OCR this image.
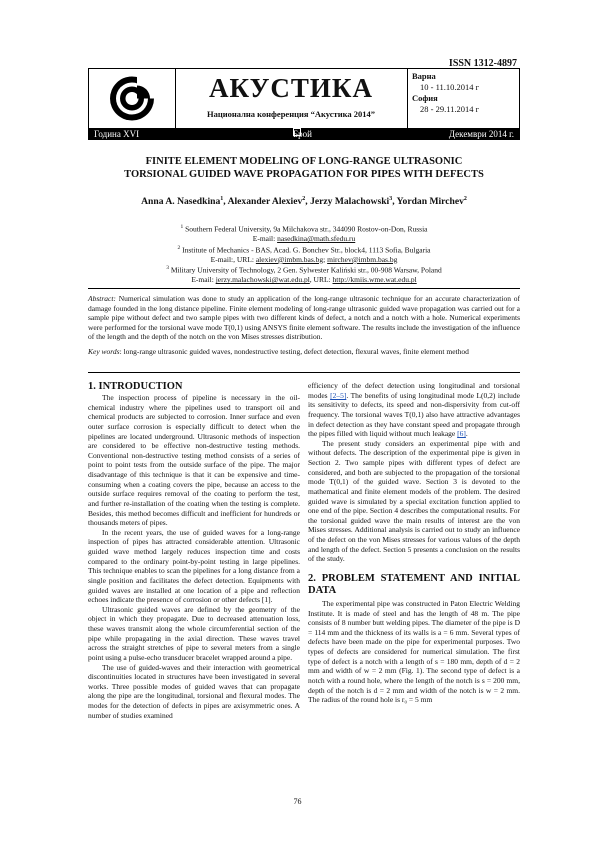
ISSN 1312-4897
АКУСТИКА
Национална конференция “Акустика 2014”
Варна
10 - 11.10.2014 г
София
28 - 29.11.2014 г
Година XVI	Брой 16
Декември 2014 г.
FINITE ELEMENT MODELING OF LONG-RANGE ULTRASONIC
TORSIONAL GUIDED WAVE PROPAGATION FOR PIPES WITH DEFECTS
Anna A. Nasedkina$^1$, Alexander Alexiev$^2$, Jerzy Malachowski$^3$, Yordan Mirchev$^2$
$^1$ Southern Federal University, 9a Milchakova str., 344090 Rostov-on-Don, Russia
E-mail: nasedkina@math.sfedu.ru
$^2$ Institute of Mechanics - BAS, Acad. G. Bonchev Str., block4, 1113 Sofia, Bulgaria
E-mail:, URL: alexiev@imbm.bas.bg; mirchev@imbm.bas.bg
$^3$ Military University of Technology, 2 Gen. Sylwester Kaliński str., 00-908 Warsaw, Poland
E-mail: jerzy.malachowski@wat.edu.pl, URL: http://kmiis.wme.wat.edu.pl
Abstract: Numerical simulation was done to study an application of the long-range ultrasonic technique for an accurate characterization of damage founded in the long distance pipeline. Finite element modeling of long-range ultrasonic guided wave propagation was carried out for a sample pipe without defect and two sample pipes with two different kinds of defect, a notch and a notch with a hole. Numerical experiments were performed for the torsional wave mode T(0,1) using ANSYS finite element software. The results include the investigation of the influence of the length and the depth of the notch on the von Mises stresses distribution.
Key words: long-range ultrasonic guided waves, nondestructive testing, defect detection, flexural waves, finite element method
1. INTRODUCTION

The inspection process of pipeline is necessary in the oil-chemical industry where the pipelines used to transport oil and chemical products are subjected to corrosion. Inner surface and even outer surface corrosion is especially difficult to detect when the pipelines are located underground. Ultrasonic methods of inspection are considered to be effective non-destructive testing methods. Conventional non-destructive testing method consists of a series of point to point tests from the outside surface of the pipe. The major disadvantage of this technique is that it can be expensive and time-consuming when a coating covers the pipe, because an access to the outside surface requires removal of the coating to perform the test, and further re-installation of the coating when the testing is complete. Besides, this method becomes difficult and inefficient for hundreds or thousands meters of pipes.

In the recent years, the use of guided waves for a long-range inspection of pipes has attracted considerable attention. Ultrasonic guided wave method largely reduces inspection time and costs compared to the ordinary point-by-point testing in large pipelines. This technique enables to scan the pipelines for a long distance from a single position and facilitates the defect detection. Equipments with guided waves are installed at one location of a pipe and reflection echoes indicate the presence of corrosion or other defects [1].

Ultrasonic guided waves are defined by the geometry of the object in which they propagate. Due to decreased attenuation loss, these waves transmit along the whole circumferential section of the pipe while propagating in the axial direction. These waves travel across the straight stretches of pipe to several meters from a single point using a pulse-echo transducer bracelet wrapped around a pipe.

The use of guided-waves and their interaction with geometrical discontinuities located in structures have been investigated in several works. Three possible modes of guided waves that can propagate along the pipe are the longitudinal, torsional and flexural modes. The modes for the detection of defects in pipes are axisymmetric ones. A number of studies examined

efficiency of the defect detection using longitudinal and torsional modes [2–5]. The benefits of using longitudinal mode L(0,2) include its sensitivity to defects, its speed and non-dispersivity from cut-off frequency. The torsional waves T(0,1) also have attractive advantages in defect detection as they have constant speed and propagate through the pipes filled with liquid without much leakage [6].

The present study considers an experimental pipe with and without defects. The description of the experimental pipe is given in Section 2. Two sample pipes with different types of defect are considered, and both are subjected to the propagation of the torsional mode T(0,1) of the guided wave. Section 3 is devoted to the mathematical and finite element models of the problem. The desired guided wave is simulated by a special excitation function applied to one end of the pipe. Section 4 describes the computational results. For the torsional guided wave the main results of interest are the von Mises stresses. Additional analysis is carried out to study an influence of the defect on the von Mises stresses for various values of the depth and length of the defect. Section 5 presents a conclusion on the results of the study.

2. PROBLEM STATEMENT AND INITIAL DATA

The experimental pipe was constructed in Paton Electric Welding Institute. It is made of steel and has the length of 48 m. The pipe consists of 8 number butt welding pipes. The diameter of the pipe is D = 114 mm and the thickness of its walls is a = 6 mm. Several types of defects have been made on the pipe for experimental purposes. Two types of defects are considered for numerical simulation. The first type of defect is a notch with a length of s = 180 mm, depth of d = 2 mm and width of w = 2 mm (Fig. 1). The second type of defect is a notch with a round hole, where the length of the notch is s = 200 mm, depth of the notch is d = 2 mm and width of the notch is w = 2 mm. The radius of the round hole is r₀ = 5 mm

76
